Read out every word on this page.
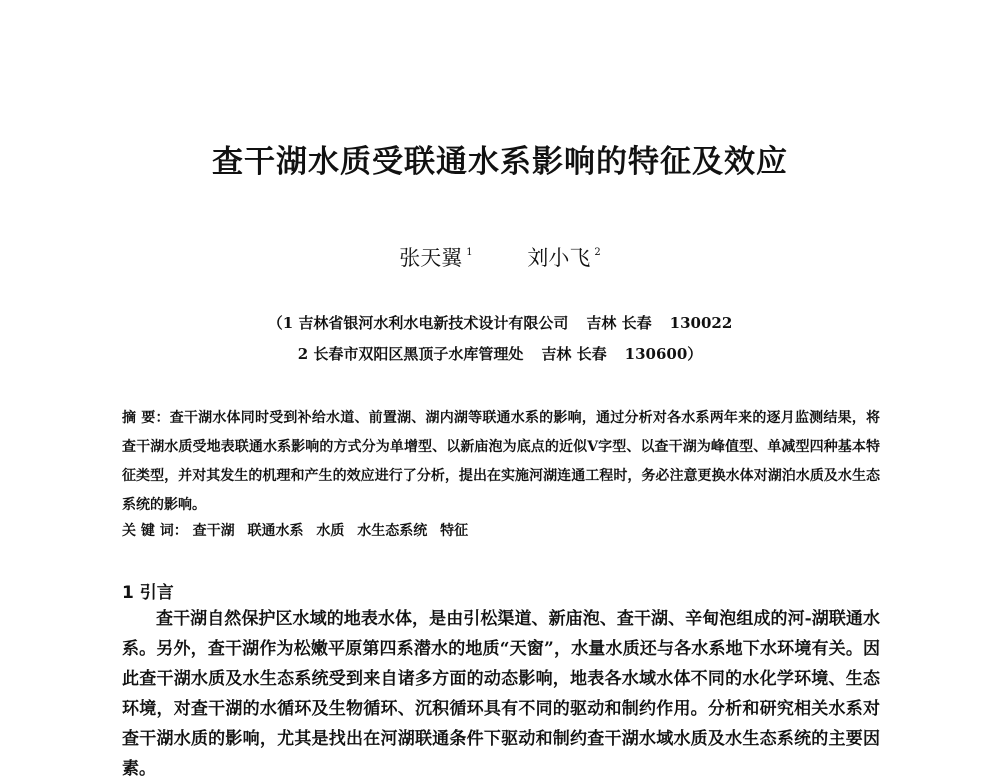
查干湖水质受联通水系影响的特征及效应
张天翼 $^1$	刘小飞 $^2$
（1 吉林省银河水利水电新技术设计有限公司 吉林 长春 130022
2 长春市双阳区黑顶子水库管理处 吉林 长春 130600）

摘 要：查干湖水体同时受到补给水道、前置湖、湖内湖等联通水系的影响，通过分析对各水系两年来的逐月监测结果，将查干湖水质受地表联通水系影响的方式分为单增型、以新庙泡为底点的近似V字型、以查干湖为峰值型、单减型四种基本特征类型，并对其发生的机理和产生的效应进行了分析，提出在实施河湖连通工程时，务必注意更换水体对湖泊水质及水生态系统的影响。

关 键 词： 查干湖 联通水系 水质 水生态系统 特征
1 引言

查干湖自然保护区水域的地表水体，是由引松渠道、新庙泡、查干湖、辛甸泡组成的河-湖联通水系。另外，查干湖作为松嫩平原第四系潜水的地质“天窗”，水量水质还与各水系地下水环境有关。因此查干湖水质及水生态系统受到来自诸多方面的动态影响，地表各水域水体不同的水化学环境、生态环境，对查干湖的水循环及生物循环、沉积循环具有不同的驱动和制约作用。分析和研究相关水系对查干湖水质的影响，尤其是找出在河湖联通条件下驱动和制约查干湖水域水质及水生态系统的主要因素。
